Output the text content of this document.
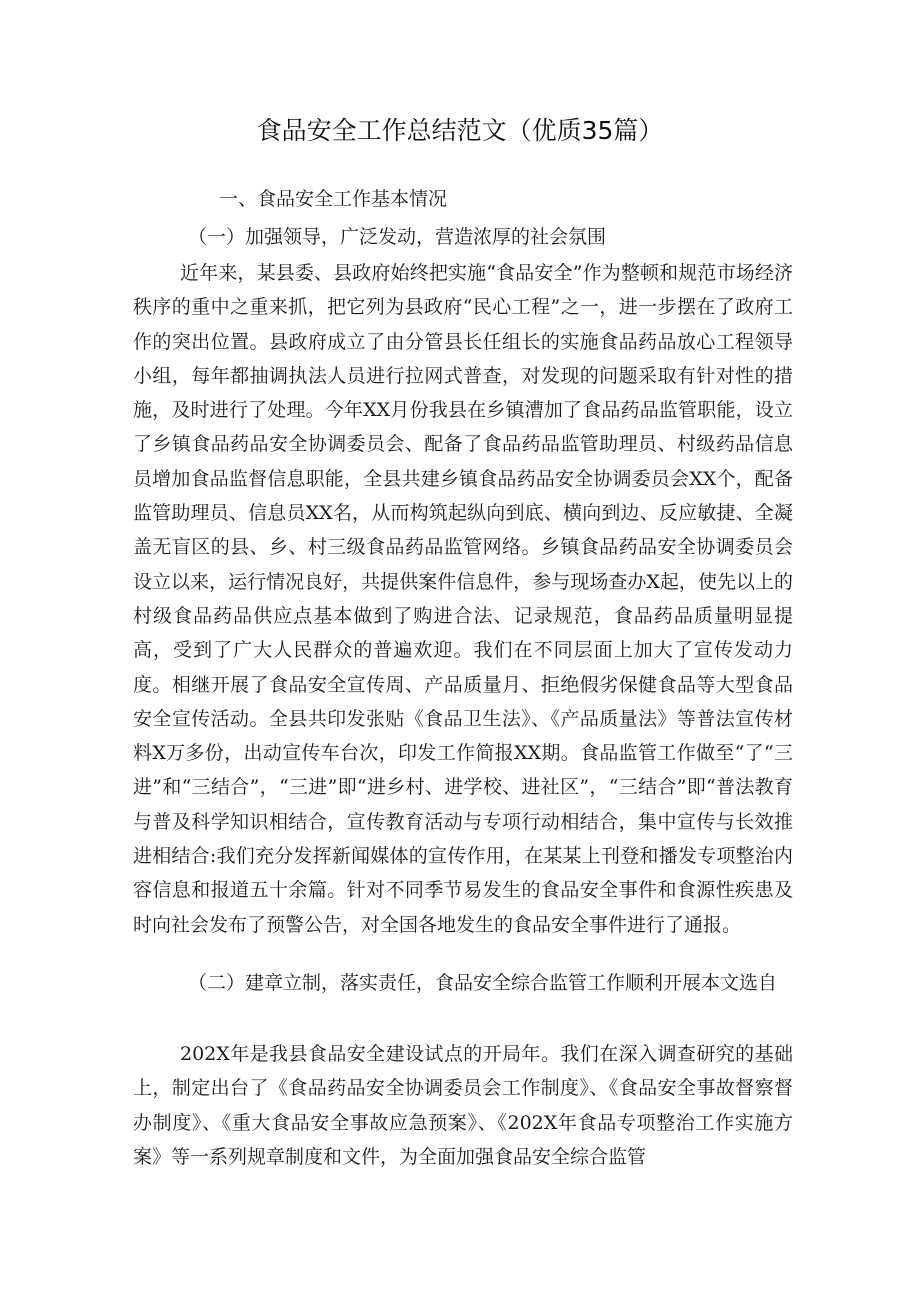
食品安全工作总结范文（优质35篇）
一、食品安全工作基本情况
（一）加强领导，广泛发动，营造浓厚的社会氛围

近年来，某县委、县政府始终把实施“食品安全”作为整顿和规范市场经济秩序的重中之重来抓，把它列为县政府“民心工程”之一，进一步摆在了政府工作的突出位置。县政府成立了由分管县长任组长的实施食品药品放心工程领导小组，每年都抽调执法人员进行拉网式普查，对发现的问题采取有针对性的措施，及时进行了处理。今年XX月份我县在乡镇漕加了食品药品监管职能，设立了乡镇食品药品安全协调委员会、配备了食品药品监管助理员、村级药品信息员增加食品监督信息职能，全县共建乡镇食品药品安全协调委员会XX个，配备监管助理员、信息员XX名，从而构筑起纵向到底、横向到边、反应敏捷、全凝盖无盲区的县、乡、村三级食品药品监管网络。乡镇食品药品安全协调委员会设立以来，运行情况良好，共提供案件信息件，参与现场查办X起，使先以上的村级食品药品供应点基本做到了购进合法、记录规范，食品药品质量明显提高，受到了广大人民群众的普遍欢迎。我们在不同层面上加大了宣传发动力度。相继开展了食品安全宣传周、产品质量月、拒绝假劣保健食品等大型食品安全宣传活动。全县共印发张贴《食品卫生法》、《产品质量法》等普法宣传材料X万多份，出动宣传车台次，印发工作简报XX期。食品监管工作做至“了“三进”和“三结合”，“三进”即“进乡村、进学校、进社区”，“三结合”即“普法教育与普及科学知识相结合，宣传教育活动与专项行动相结合，集中宣传与长效推进相结合:我们充分发挥新闻媒体的宣传作用，在某某上刊登和播发专项整治内容信息和报道五十余篇。针对不同季节易发生的食品安全事件和食源性疾患及时向社会发布了预警公告，对全国各地发生的食品安全事件进行了通报。

（二）建章立制，落实责任，食品安全综合监管工作顺利开展本文选自

202X年是我县食品安全建设试点的开局年。我们在深入调查研究的基础上，制定出台了《食品药品安全协调委员会工作制度》、《食品安全事故督察督办制度》、《重大食品安全事故应急预案》、《202X年食品专项整治工作实施方案》等一系列规章制度和文件，为全面加强食品安全综合监管
